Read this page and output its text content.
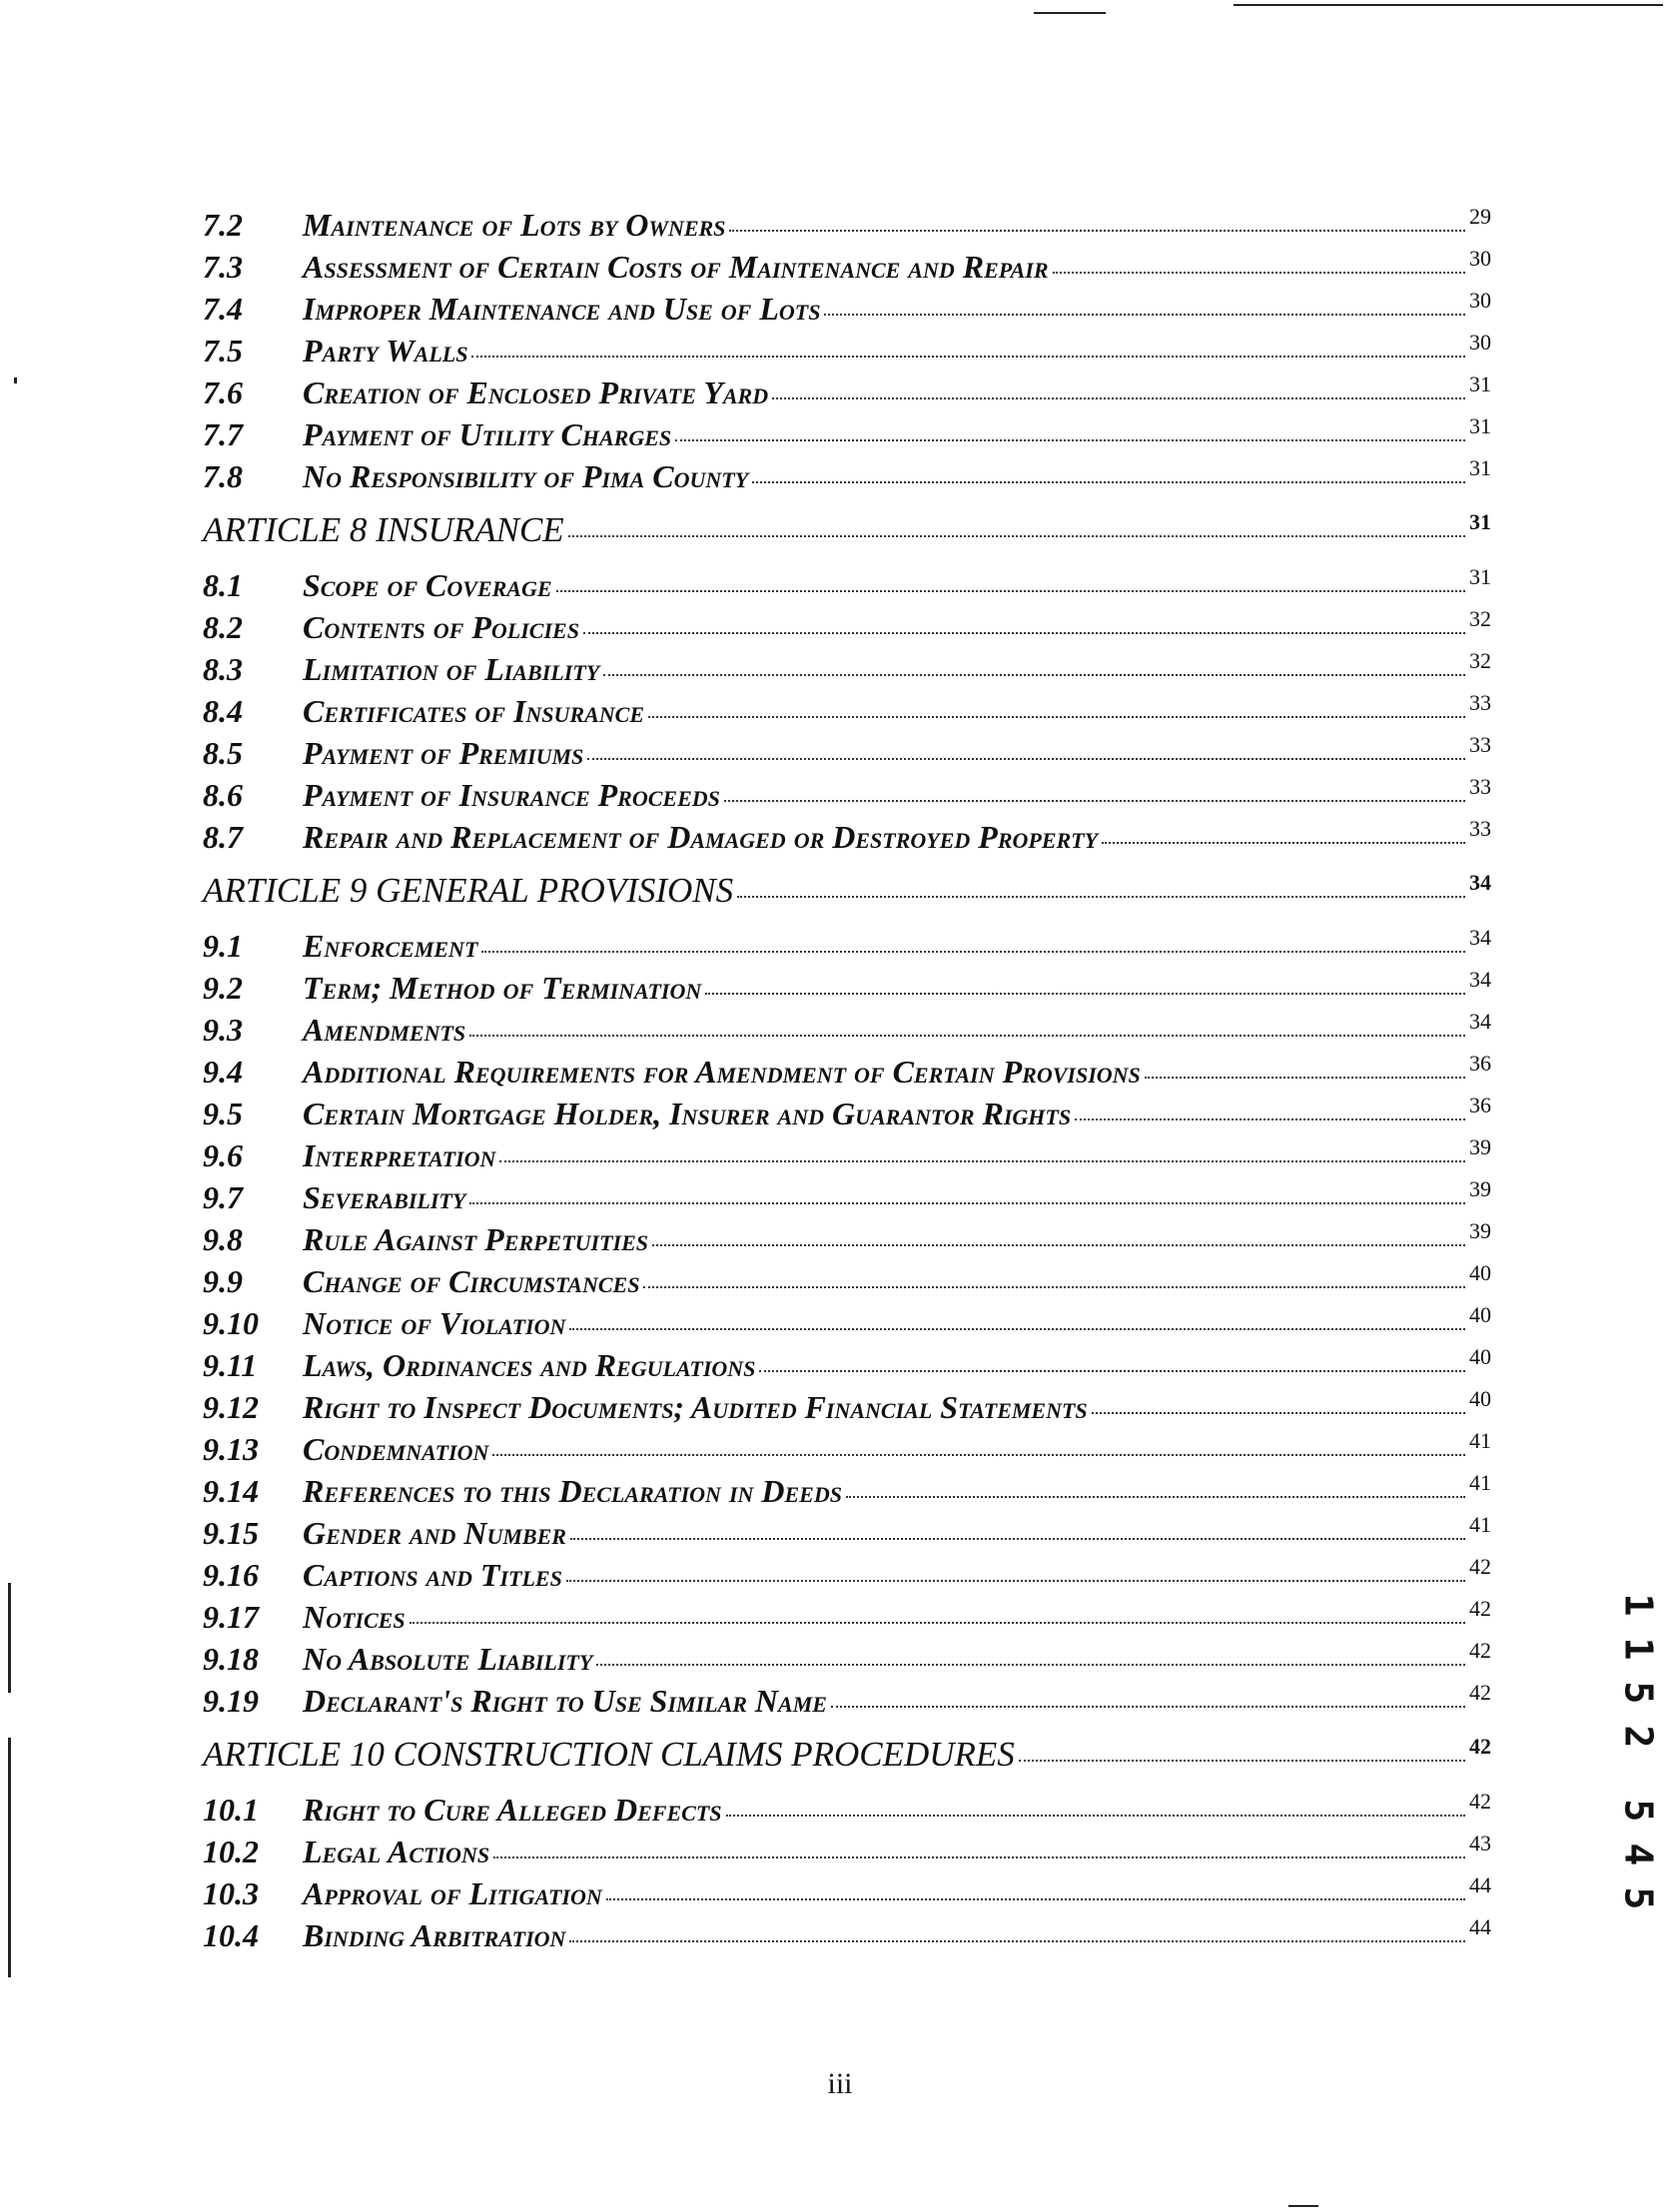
7.2	Maintenance of Lots by Owners	29
7.3	Assessment of Certain Costs of Maintenance and Repair	30
7.4	Improper Maintenance and Use of Lots	30
7.5	Party Walls	30
7.6	Creation of Enclosed Private Yard	31
7.7	Payment of Utility Charges	31
7.8	No Responsibility of Pima County	31
ARTICLE 8 INSURANCE	31
8.1	Scope of Coverage	31
8.2	Contents of Policies	32
8.3	Limitation of Liability	32
8.4	Certificates of Insurance	33
8.5	Payment of Premiums	33
8.6	Payment of Insurance Proceeds	33
8.7	Repair and Replacement of Damaged or Destroyed Property	33
ARTICLE 9 GENERAL PROVISIONS	34
9.1	Enforcement	34
9.2	Term; Method of Termination	34
9.3	Amendments	34
9.4	Additional Requirements for Amendment of Certain Provisions	36
9.5	Certain Mortgage Holder, Insurer and Guarantor Rights	36
9.6	Interpretation	39
9.7	Severability	39
9.8	Rule Against Perpetuities	39
9.9	Change of Circumstances	40
9.10	Notice of Violation	40
9.11	Laws, Ordinances and Regulations	40
9.12	Right to Inspect Documents; Audited Financial Statements	40
9.13	Condemnation	41
9.14	References to this Declaration in Deeds	41
9.15	Gender and Number	41
9.16	Captions and Titles	42
9.17	Notices	42
9.18	No Absolute Liability	42
9.19	Declarant's Right to Use Similar Name	42
ARTICLE 10 CONSTRUCTION CLAIMS PROCEDURES	42
10.1	Right to Cure Alleged Defects	42
10.2	Legal Actions	43
10.3	Approval of Litigation	44
10.4	Binding Arbitration	44
iii
1
1
5
2
5
4
5
